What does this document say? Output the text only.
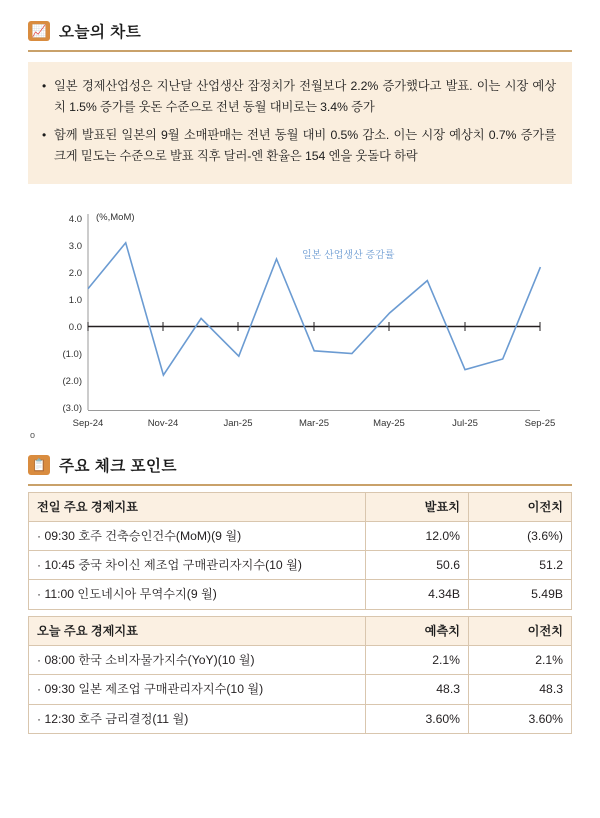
📈 오늘의 차트
• 일본 경제산업성은 지난달 산업생산 잠정치가 전월보다 2.2% 증가했다고 발표. 이는 시장 예상치 1.5% 증가를 웃돈 수준으로 전년 동월 대비로는 3.4% 증가
• 함께 발표된 일본의 9월 소매판매는 전년 동월 대비 0.5% 감소. 이는 시장 예상치 0.7% 증가를 크게 밑도는 수준으로 발표 직후 달러-엔 환율은 154 엔을 웃돌다 하락
4.0
3.0
2.0
1.0
0.0
(1.0)
(2.0)
(3.0)
(%,MoM)
일본 산업생산 증감률
Sep-24	Nov-24	Jan-25	Mar-25	May-25	Jul-25	Sep-25
o
📋 주요 체크 포인트
전일 주요 경제지표	발표치	이전치
· 09:30 호주 건축승인건수(MoM)(9 월)	12.0%	(3.6%)
· 10:45 중국 차이신 제조업 구매관리자지수(10 월)	50.6	51.2
· 11:00 인도네시아 무역수지(9 월)	4.34B	5.49B
오늘 주요 경제지표	예측치	이전치
· 08:00 한국 소비자물가지수(YoY)(10 월)	2.1%	2.1%
· 09:30 일본 제조업 구매관리자지수(10 월)	48.3	48.3
· 12:30 호주 금리결정(11 월)	3.60%	3.60%
